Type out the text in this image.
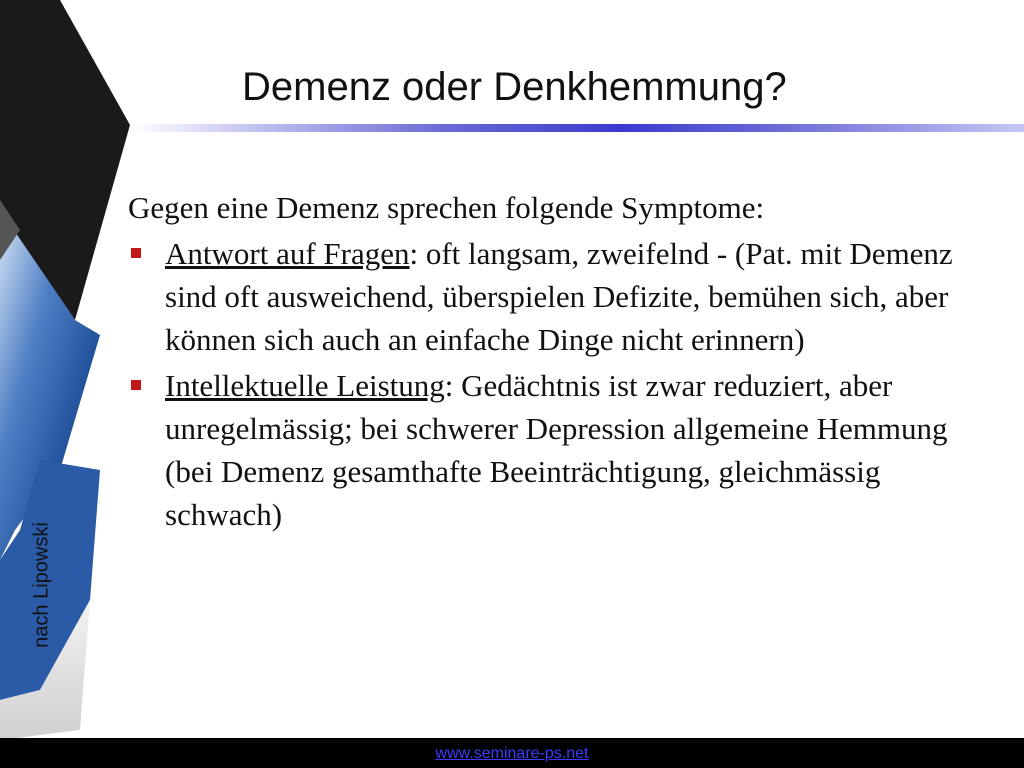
nach Lipowski
Demenz oder Denkhemmung?
Gegen eine Demenz sprechen folgende Symptome:
Antwort auf Fragen: oft langsam, zweifelnd - (Pat. mit Demenz sind oft ausweichend, überspielen Defizite, bemühen sich, aber können sich auch an einfache Dinge nicht erinnern)
Intellektuelle Leistung: Gedächtnis ist zwar reduziert, aber unregelmässig; bei schwerer Depression allgemeine Hemmung (bei Demenz gesamthafte Beeinträchtigung, gleichmässig schwach)
www.seminare-ps.net
